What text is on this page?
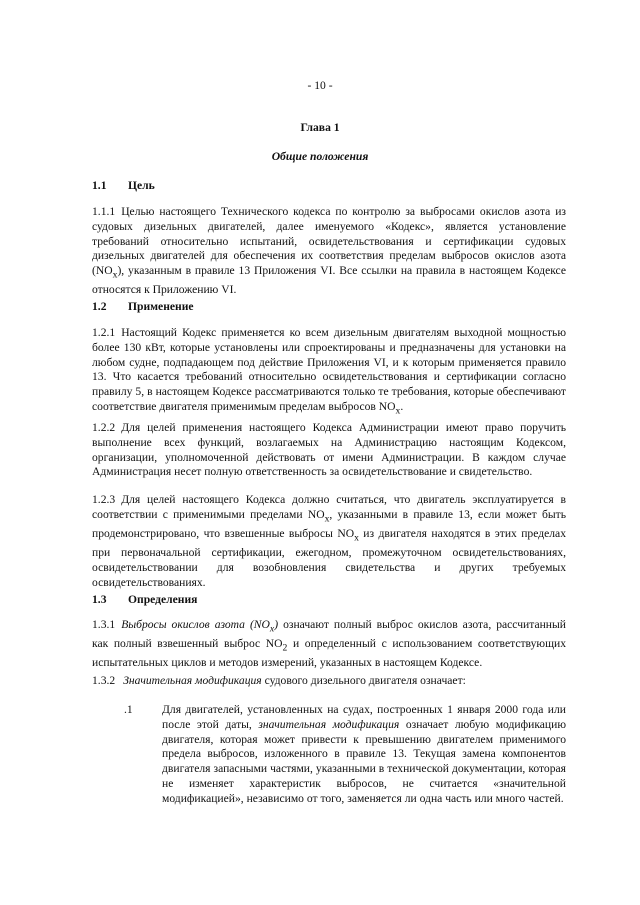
- 10 -
Глава 1
Общие положения
1.1 Цель

1.1.1 Целью настоящего Технического кодекса по контролю за выбросами окислов азота из судовых дизельных двигателей, далее именуемого «Кодекс», является установление требований относительно испытаний, освидетельствования и сертификации судовых дизельных двигателей для обеспечения их соответствия пределам выбросов окислов азота $(NO_x)$, указанным в правиле 13 Приложения VI. Все ссылки на правила в настоящем Кодексе относятся к Приложению VI.

1.2 Применение

1.2.1 Настоящий Кодекс применяется ко всем дизельным двигателям выходной мощностью более 130 кВт, которые установлены или спроектированы и предназначены для установки на любом судне, подпадающем под действие Приложения VI, и к которым применяется правило 13. Что касается требований относительно освидетельствования и сертификации согласно правилу 5, в настоящем Кодексе рассматриваются только те требования, которые обеспечивают соответствие двигателя применимым пределам выбросов $NO_x$.

1.2.2 Для целей применения настоящего Кодекса Администрации имеют право поручить выполнение всех функций, возлагаемых на Администрацию настоящим Кодексом, организации, уполномоченной действовать от имени Администрации. В каждом случае Администрация несет полную ответственность за освидетельствование и свидетельство.

1.2.3 Для целей настоящего Кодекса должно считаться, что двигатель эксплуатируется в соответствии с применимыми пределами $NO_x$, указанными в правиле 13, если может быть продемонстрировано, что взвешенные выбросы $NO_x$ из двигателя находятся в этих пределах при первоначальной сертификации, ежегодном, промежуточном освидетельствованиях, освидетельствовании для возобновления свидетельства и других требуемых освидетельствованиях.

1.3 Определения

1.3.1 Выбросы окислов азота $(NO_x)$ означают полный выброс окислов азота, рассчитанный как полный взвешенный выброс $NO_2$ и определенный с использованием соответствующих испытательных циклов и методов измерений, указанных в настоящем Кодексе.

1.3.2 Значительная модификация судового дизельного двигателя означает:

.1	Для двигателей, установленных на судах, построенных 1 января 2000 года или после этой даты, значительная модификация означает любую модификацию двигателя, которая может привести к превышению двигателем применимого предела выбросов, изложенного в правиле 13. Текущая замена компонентов двигателя запасными частями, указанными в технической документации, которая не изменяет характеристик выбросов, не считается «значительной модификацией», независимо от того, заменяется ли одна часть или много частей.
